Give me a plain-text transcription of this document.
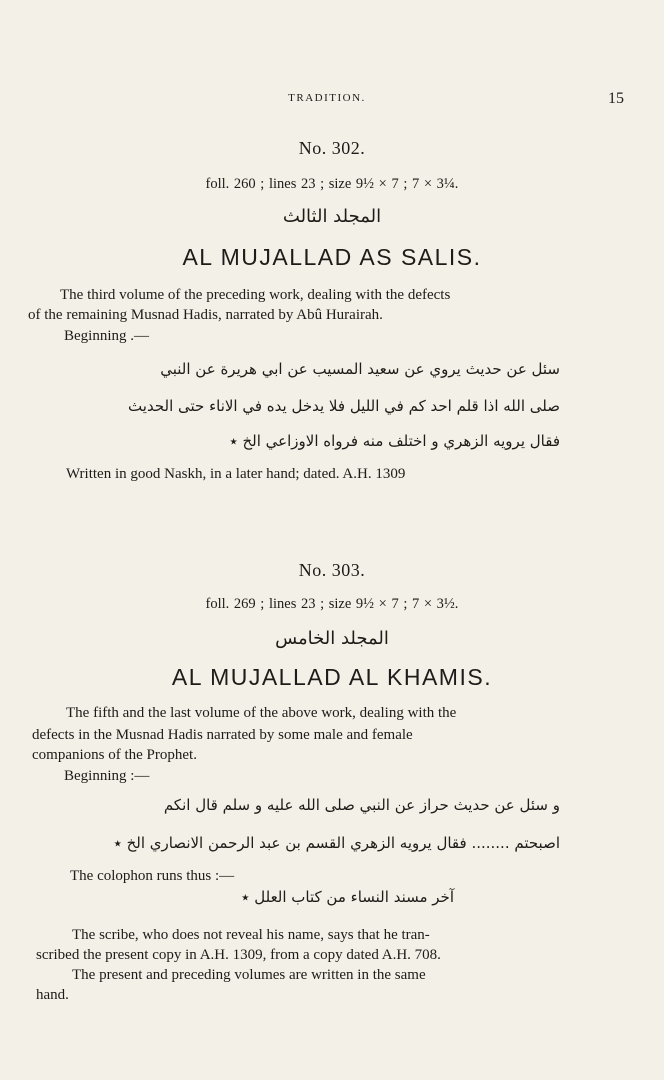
TRADITION.	15
No. 302.
foll. 260 ; lines 23 ; size 9½ × 7 ; 7 × 3¼.
المجلد الثالث
AL MUJALLAD AS SALIS.
The third volume of the preceding work, dealing with the defects
of the remaining Musnad Hadis, narrated by Abû Hurairah.
Beginning .—
سئل عن حديث يروي عن سعيد المسيب عن ابي هريرة عن النبي
صلى الله اذا قلم احد كم في الليل فلا يدخل يده في الاناء حتى الحديث
فقال يرويه الزهري و اختلف منه فرواه الاوزاعي الخ ٭
Written in good Naskh, in a later hand; dated. A.H. 1309
No. 303.
foll. 269 ; lines 23 ; size 9½ × 7 ; 7 × 3½.
المجلد الخامس
AL MUJALLAD AL KHAMIS.
The fifth and the last volume of the above work, dealing with the
defects in the Musnad Hadis narrated by some male and female
companions of the Prophet.
Beginning :—
و سئل عن حديث حراز عن النبي صلى الله عليه و سلم قال انكم
اصبحتم ........ فقال يرويه الزهري القسم بن عبد الرحمن الانصاري الخ ٭
The colophon runs thus :—
آخر مسند النساء من كتاب العلل ٭
The scribe, who does not reveal his name, says that he tran-
scribed the present copy in A.H. 1309, from a copy dated A.H. 708.
The present and preceding volumes are written in the same
hand.
